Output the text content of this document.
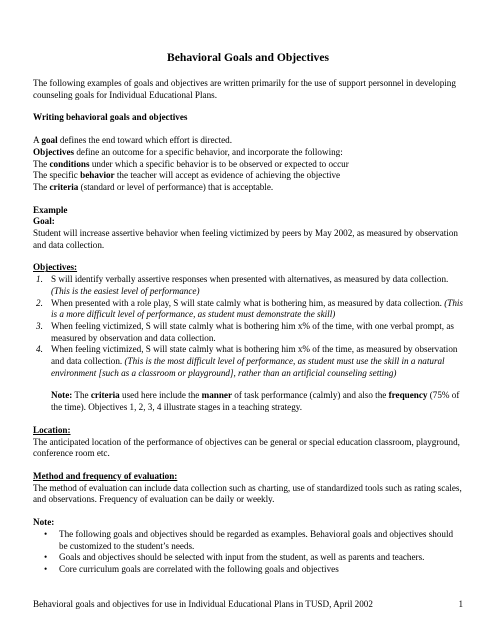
Behavioral Goals and Objectives

The following examples of goals and objectives are written primarily for the use of support personnel in developing counseling goals for Individual Educational Plans.

Writing behavioral goals and objectives

A goal defines the end toward which effort is directed.

Objectives define an outcome for a specific behavior, and incorporate the following:

The conditions under which a specific behavior is to be observed or expected to occur

The specific behavior the teacher will accept as evidence of achieving the objective

The criteria (standard or level of performance) that is acceptable.

Example

Goal:

Student will increase assertive behavior when feeling victimized by peers by May 2002, as measured by observation and data collection.

Objectives:

1. S will identify verbally assertive responses when presented with alternatives, as measured by data collection. (This is the easiest level of performance)
2. When presented with a role play, S will state calmly what is bothering him, as measured by data collection. (This is a more difficult level of performance, as student must demonstrate the skill)
3. When feeling victimized, S will state calmly what is bothering him x% of the time, with one verbal prompt, as measured by observation and data collection.
4. When feeling victimized, S will state calmly what is bothering him x% of the time, as measured by observation and data collection. (This is the most difficult level of performance, as student must use the skill in a natural environment [such as a classroom or playground], rather than an artificial counseling setting)

Note: The criteria used here include the manner of task performance (calmly) and also the frequency (75% of the time). Objectives 1, 2, 3, 4 illustrate stages in a teaching strategy.

Location:

The anticipated location of the performance of objectives can be general or special education classroom, playground, conference room etc.

Method and frequency of evaluation:

The method of evaluation can include data collection such as charting, use of standardized tools such as rating scales, and observations. Frequency of evaluation can be daily or weekly.

Note:

• The following goals and objectives should be regarded as examples. Behavioral goals and objectives should be customized to the student’s needs.
• Goals and objectives should be selected with input from the student, as well as parents and teachers.
• Core curriculum goals are correlated with the following goals and objectives
Behavioral goals and objectives for use in Individual Educational Plans in TUSD, April 2002	1
